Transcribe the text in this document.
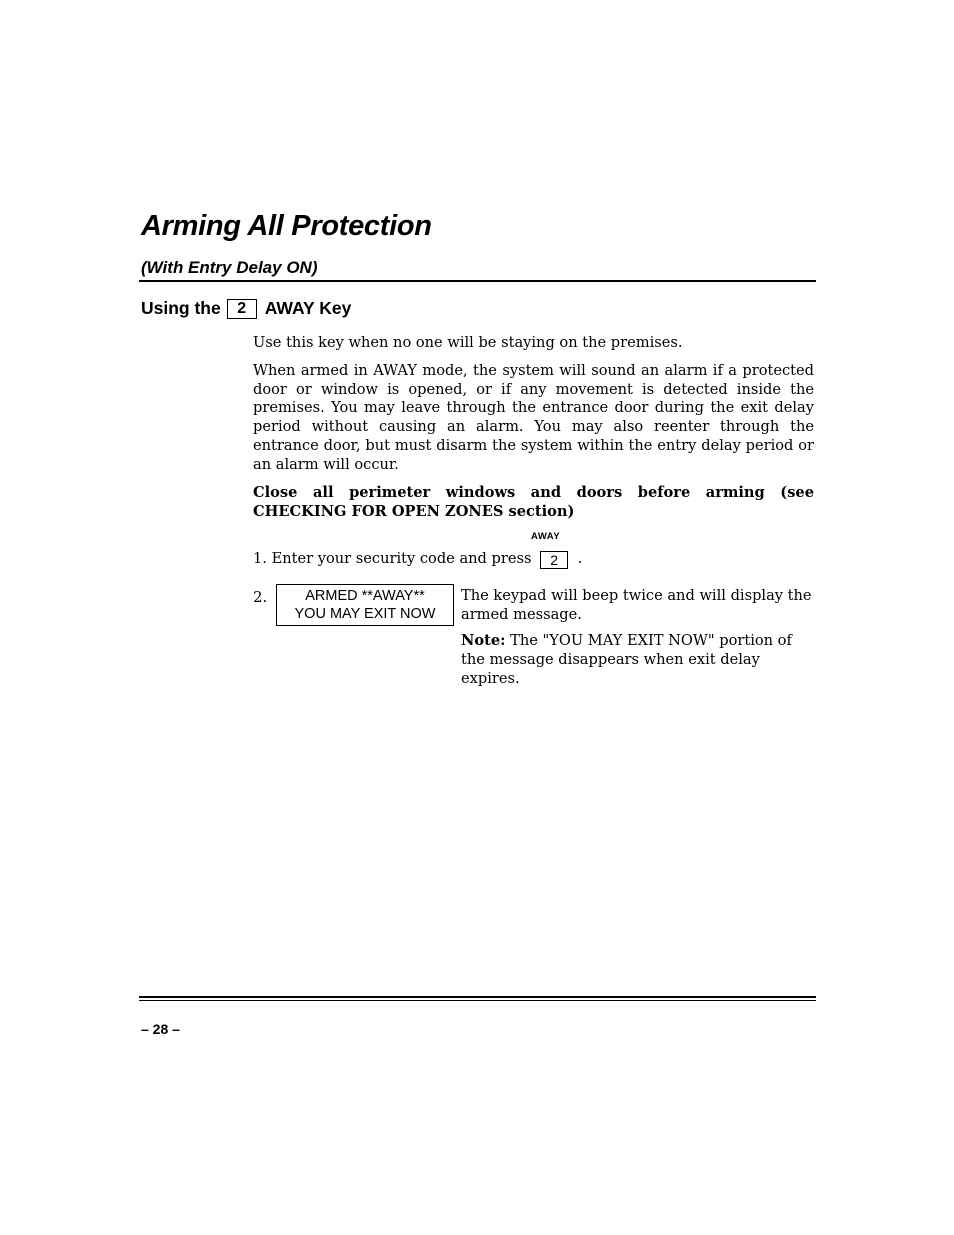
Arming All Protection
(With Entry Delay ON)
Using the	2	AWAY Key
Use this key when no one will be staying on the premises.
When armed in AWAY mode, the system will sound an alarm if a protected door or window is opened, or if any movement is detected inside the premises. You may leave through the entrance door during the exit delay period without causing an alarm. You may also reenter through the entrance door, but must disarm the system within the entry delay period or an alarm will occur.
Close all perimeter windows and doors before arming (see CHECKING FOR OPEN ZONES section)
AWAY
1. Enter your security code and press 2 .
2.	ARMED **AWAY**
YOU MAY EXIT NOW
The keypad will beep twice and will display the armed message.
Note: The "YOU MAY EXIT NOW" portion of the message disappears when exit delay expires.
– 28 –
